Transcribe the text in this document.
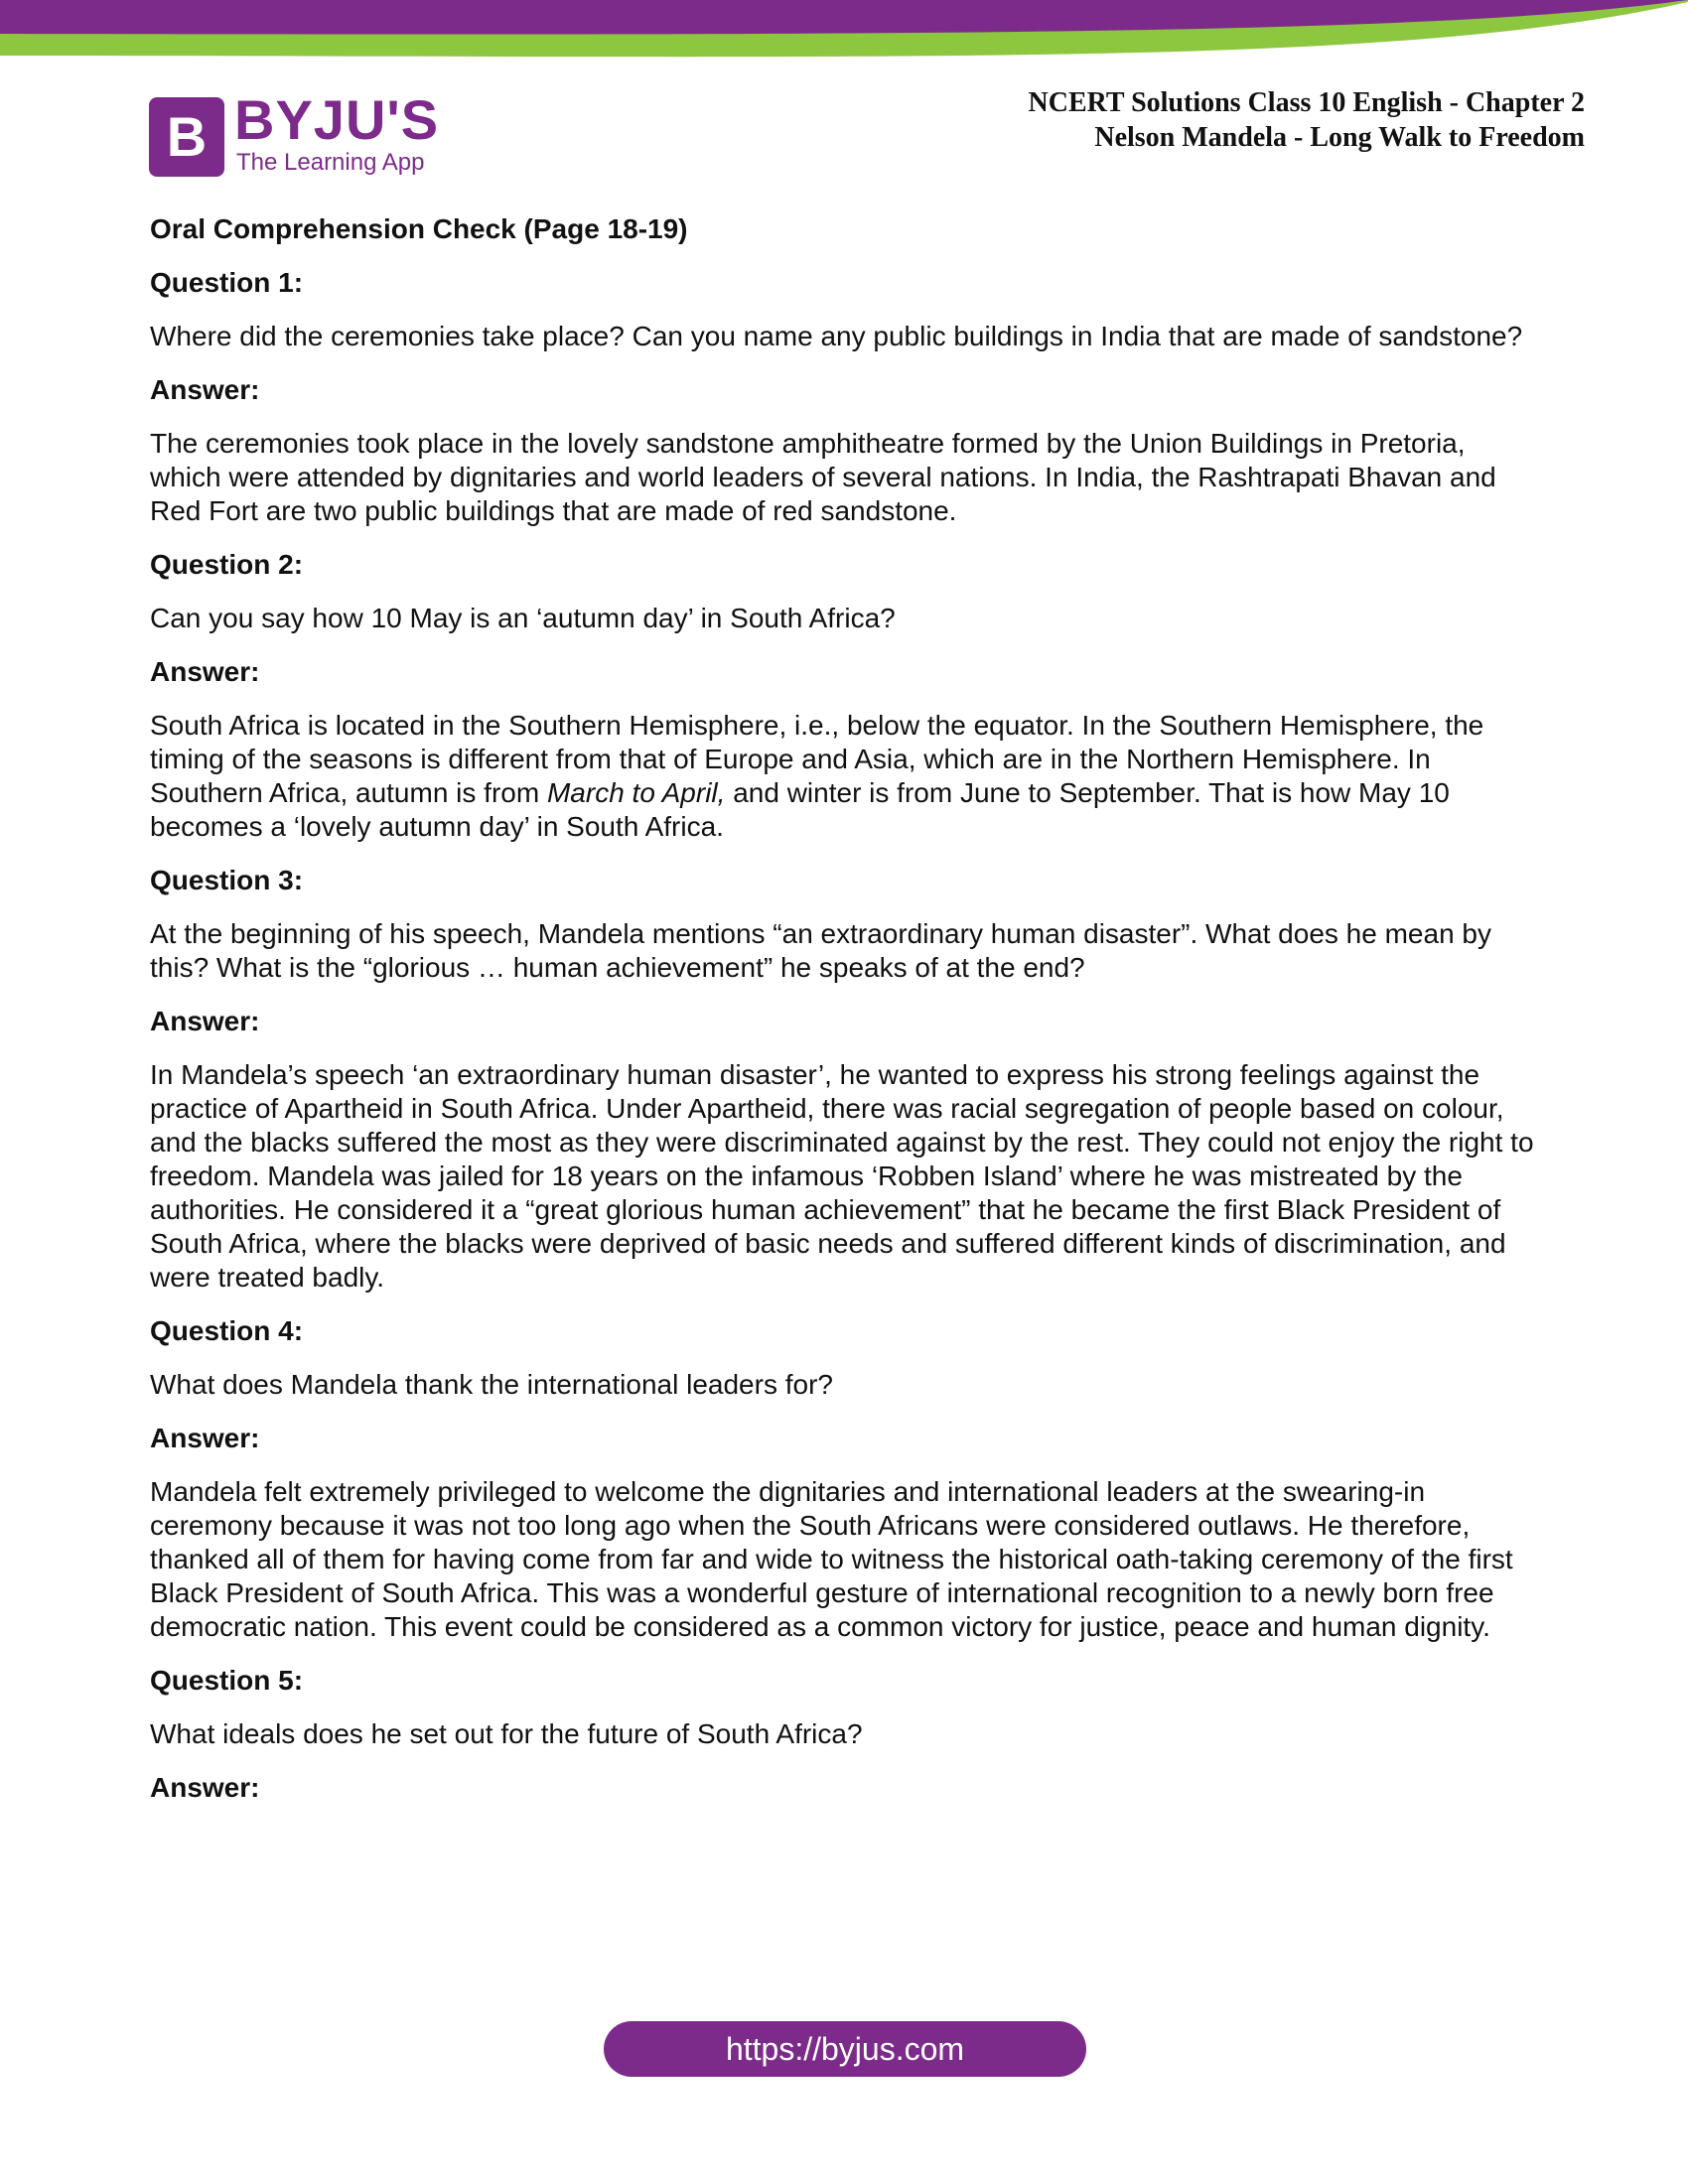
B BYJU'S
The Learning App
NCERT Solutions Class 10 English - Chapter 2
Nelson Mandela - Long Walk to Freedom

Oral Comprehension Check (Page 18-19)

Question 1:

Where did the ceremonies take place? Can you name any public buildings in India that are made of sandstone?

Answer:

The ceremonies took place in the lovely sandstone amphitheatre formed by the Union Buildings in Pretoria, which were attended by dignitaries and world leaders of several nations. In India, the Rashtrapati Bhavan and Red Fort are two public buildings that are made of red sandstone.

Question 2:

Can you say how 10 May is an ‘autumn day’ in South Africa?

Answer:

South Africa is located in the Southern Hemisphere, i.e., below the equator. In the Southern Hemisphere, the timing of the seasons is different from that of Europe and Asia, which are in the Northern Hemisphere. In Southern Africa, autumn is from March to April, and winter is from June to September. That is how May 10 becomes a ‘lovely autumn day’ in South Africa.

Question 3:

At the beginning of his speech, Mandela mentions “an extraordinary human disaster”. What does he mean by this? What is the “glorious … human achievement” he speaks of at the end?

Answer:

In Mandela’s speech ‘an extraordinary human disaster’, he wanted to express his strong feelings against the practice of Apartheid in South Africa. Under Apartheid, there was racial segregation of people based on colour, and the blacks suffered the most as they were discriminated against by the rest. They could not enjoy the right to freedom. Mandela was jailed for 18 years on the infamous ‘Robben Island’ where he was mistreated by the authorities. He considered it a “great glorious human achievement” that he became the first Black President of South Africa, where the blacks were deprived of basic needs and suffered different kinds of discrimination, and were treated badly.

Question 4:

What does Mandela thank the international leaders for?

Answer:

Mandela felt extremely privileged to welcome the dignitaries and international leaders at the swearing-in ceremony because it was not too long ago when the South Africans were considered outlaws. He therefore, thanked all of them for having come from far and wide to witness the historical oath-taking ceremony of the first Black President of South Africa. This was a wonderful gesture of international recognition to a newly born free democratic nation. This event could be considered as a common victory for justice, peace and human dignity.

Question 5:

What ideals does he set out for the future of South Africa?

Answer:

https://byjus.com
